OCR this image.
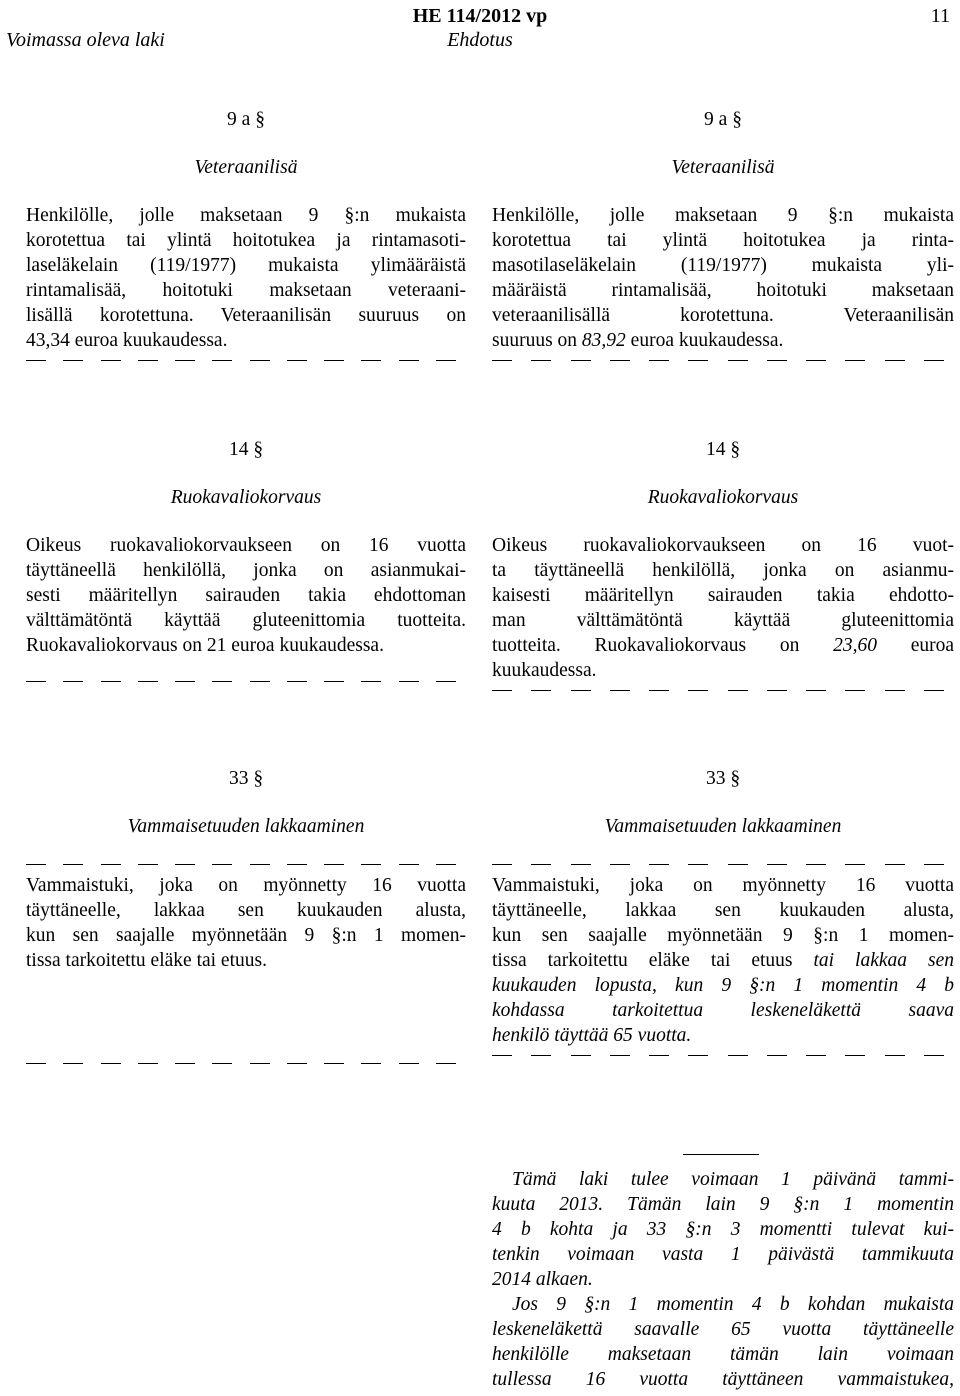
HE 114/2012 vp	11
Voimassa oleva laki	Ehdotus
9 a §
Veteraanilisä
Henkilölle, jolle maksetaan 9 §:n mukaista
korotettua tai ylintä hoitotukea ja rintamasoti-
laseläkelain (119/1977) mukaista ylimääräistä
rintamalisää, hoitotuki maksetaan veteraani-
lisällä korotettuna. Veteraanilisän suuruus on
43,34 euroa kuukaudessa.
9 a §
Veteraanilisä
Henkilölle, jolle maksetaan 9 §:n mukaista
korotettua tai ylintä hoitotukea ja rinta-
masotilaseläkelain (119/1977) mukaista yli-
määräistä rintamalisää, hoitotuki maksetaan
veteraanilisällä korotettuna. Veteraanilisän
suuruus on 83,92 euroa kuukaudessa.
14 §
Ruokavaliokorvaus
Oikeus ruokavaliokorvaukseen on 16 vuotta
täyttäneellä henkilöllä, jonka on asianmukai-
sesti määritellyn sairauden takia ehdottoman
välttämätöntä käyttää gluteenittomia tuotteita.
Ruokavaliokorvaus on 21 euroa kuukaudessa.
14 §
Ruokavaliokorvaus
Oikeus ruokavaliokorvaukseen on 16 vuot-
ta täyttäneellä henkilöllä, jonka on asianmu-
kaisesti määritellyn sairauden takia ehdotto-
man välttämätöntä käyttää gluteenittomia
tuotteita. Ruokavaliokorvaus on 23,60 euroa
kuukaudessa.
33 §
Vammaisetuuden lakkaaminen
Vammaistuki, joka on myönnetty 16 vuotta
täyttäneelle, lakkaa sen kuukauden alusta,
kun sen saajalle myönnetään 9 §:n 1 momen-
tissa tarkoitettu eläke tai etuus.
33 §
Vammaisetuuden lakkaaminen
Vammaistuki, joka on myönnetty 16 vuotta
täyttäneelle, lakkaa sen kuukauden alusta,
kun sen saajalle myönnetään 9 §:n 1 momen-
tissa tarkoitettu eläke tai etuus tai lakkaa sen
kuukauden lopusta, kun 9 §:n 1 momentin 4 b
kohdassa tarkoitettua leskeneläkettä saava
henkilö täyttää 65 vuotta.
Tämä laki tulee voimaan 1 päivänä tammi-
kuuta 2013. Tämän lain 9 §:n 1 momentin
4 b kohta ja 33 §:n 3 momentti tulevat kui-
tenkin voimaan vasta 1 päivästä tammikuuta
2014 alkaen.
Jos 9 §:n 1 momentin 4 b kohdan mukaista
leskeneläkettä saavalle 65 vuotta täyttäneelle
henkilölle maksetaan tämän lain voimaan
tullessa 16 vuotta täyttäneen vammaistukea,
